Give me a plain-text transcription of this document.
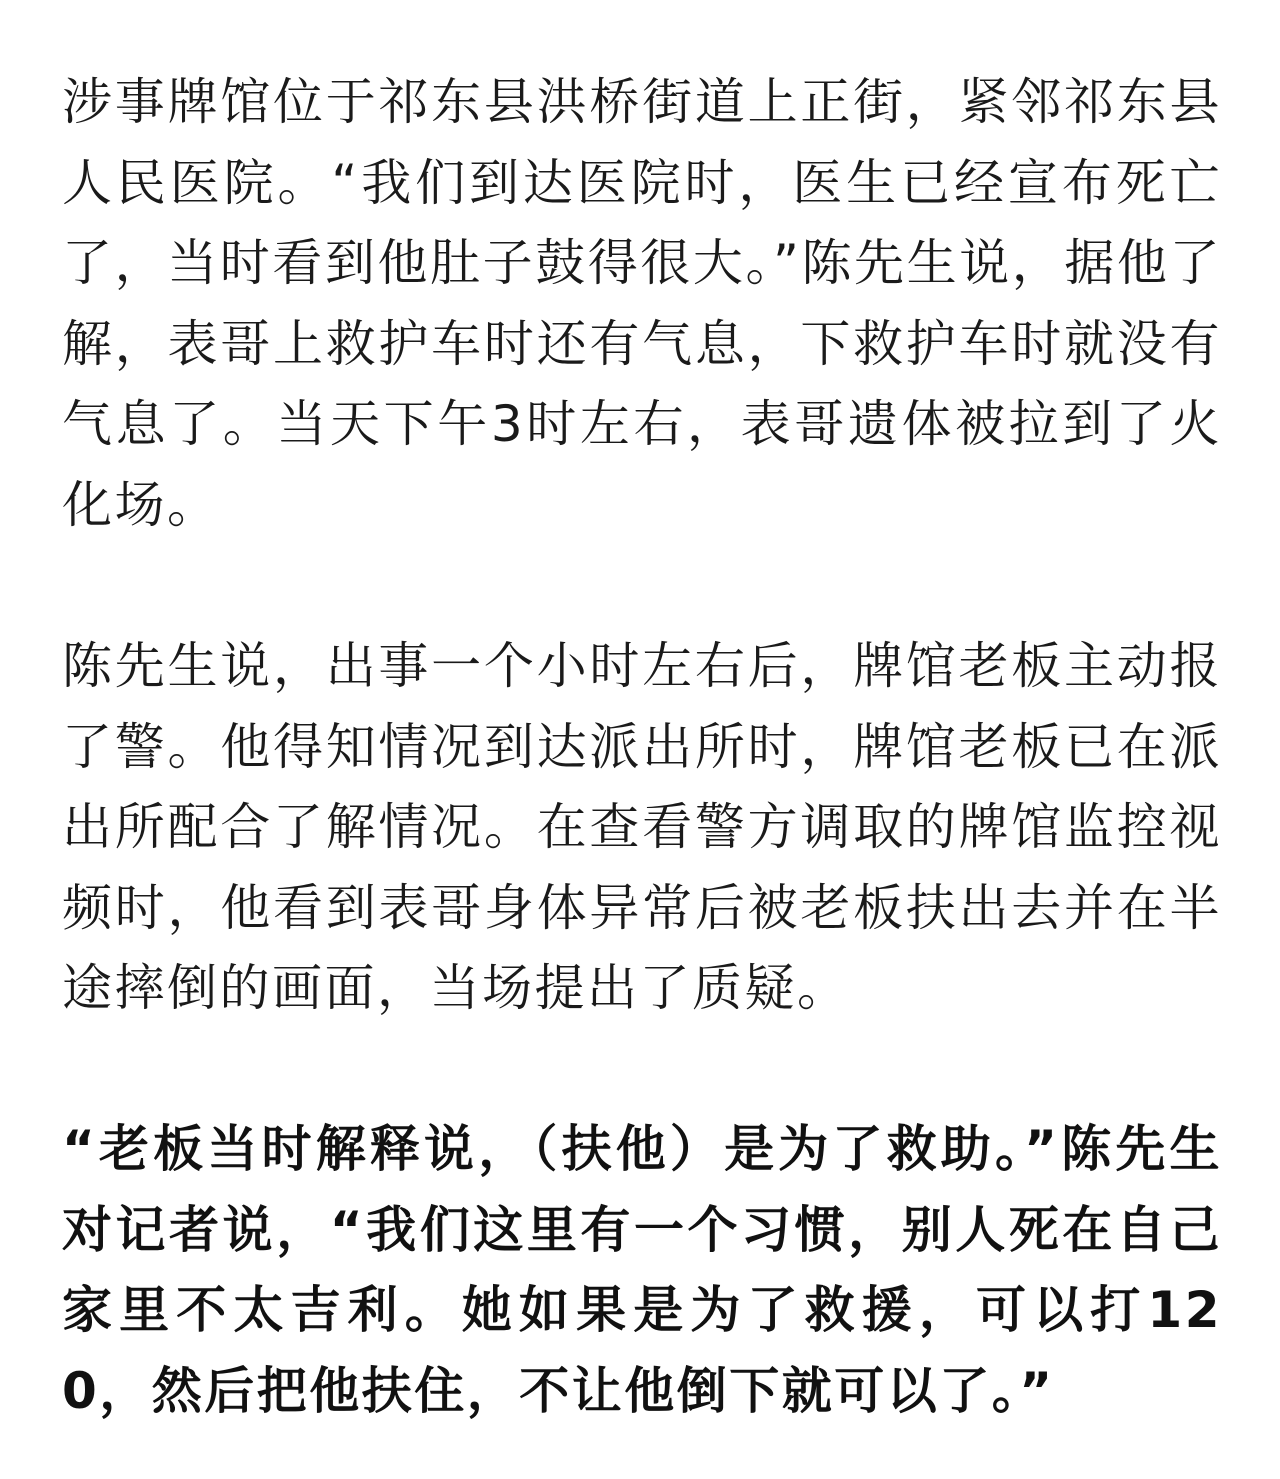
涉事牌馆位于祁东县洪桥街道上正街，紧邻祁东县人民医院。“我们到达医院时，医生已经宣布死亡了，当时看到他肚子鼓得很大。”陈先生说，据他了解，表哥上救护车时还有气息，下救护车时就没有气息了。当天下午3时左右，表哥遗体被拉到了火化场。

陈先生说，出事一个小时左右后，牌馆老板主动报了警。他得知情况到达派出所时，牌馆老板已在派出所配合了解情况。在查看警方调取的牌馆监控视频时，他看到表哥身体异常后被老板扶出去并在半途摔倒的画面，当场提出了质疑。

“老板当时解释说，（扶他）是为了救助。”陈先生对记者说，“我们这里有一个习惯，别人死在自己家里不太吉利。她如果是为了救援，可以打120，然后把他扶住，不让他倒下就可以了。”
